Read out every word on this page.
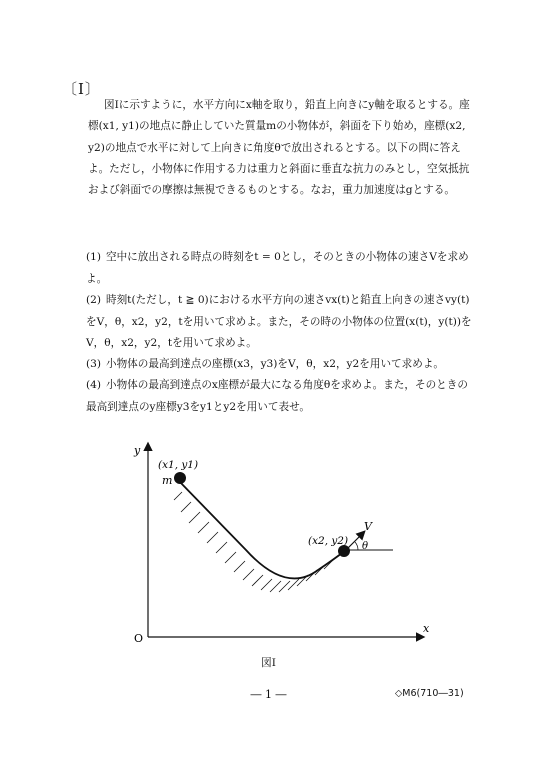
〔Ⅰ〕
図Ⅰに示すように，水平方向にx軸を取り，鉛直上向きにy軸を取るとする。座標(x1, y1)の地点に静止していた質量mの小物体が，斜面を下り始め，座標(x2, y2)の地点で水平に対して上向きに角度θで放出されるとする。以下の問に答えよ。ただし，小物体に作用する力は重力と斜面に垂直な抗力のみとし，空気抵抗および斜面での摩擦は無視できるものとする。なお，重力加速度はgとする。
(1) 空中に放出される時点の時刻をt = 0とし，そのときの小物体の速さVを求めよ。
(2) 時刻t(ただし，t ≧ 0)における水平方向の速さvx(t)と鉛直上向きの速さvy(t)をV，θ，x2，y2，tを用いて求めよ。また，その時の小物体の位置(x(t)，y(t))をV，θ，x2，y2，tを用いて求めよ。
(3) 小物体の最高到達点の座標(x3，y3)をV，θ，x2，y2を用いて求めよ。
(4) 小物体の最高到達点のx座標が最大になる角度θを求めよ。また，そのときの最高到達点のy座標y3をy1とy2を用いて表せ。
y
x
O
(x1, y1)
m
(x2, y2)
V
θ
図Ⅰ
― 1 ―	◇M6(710―31)
